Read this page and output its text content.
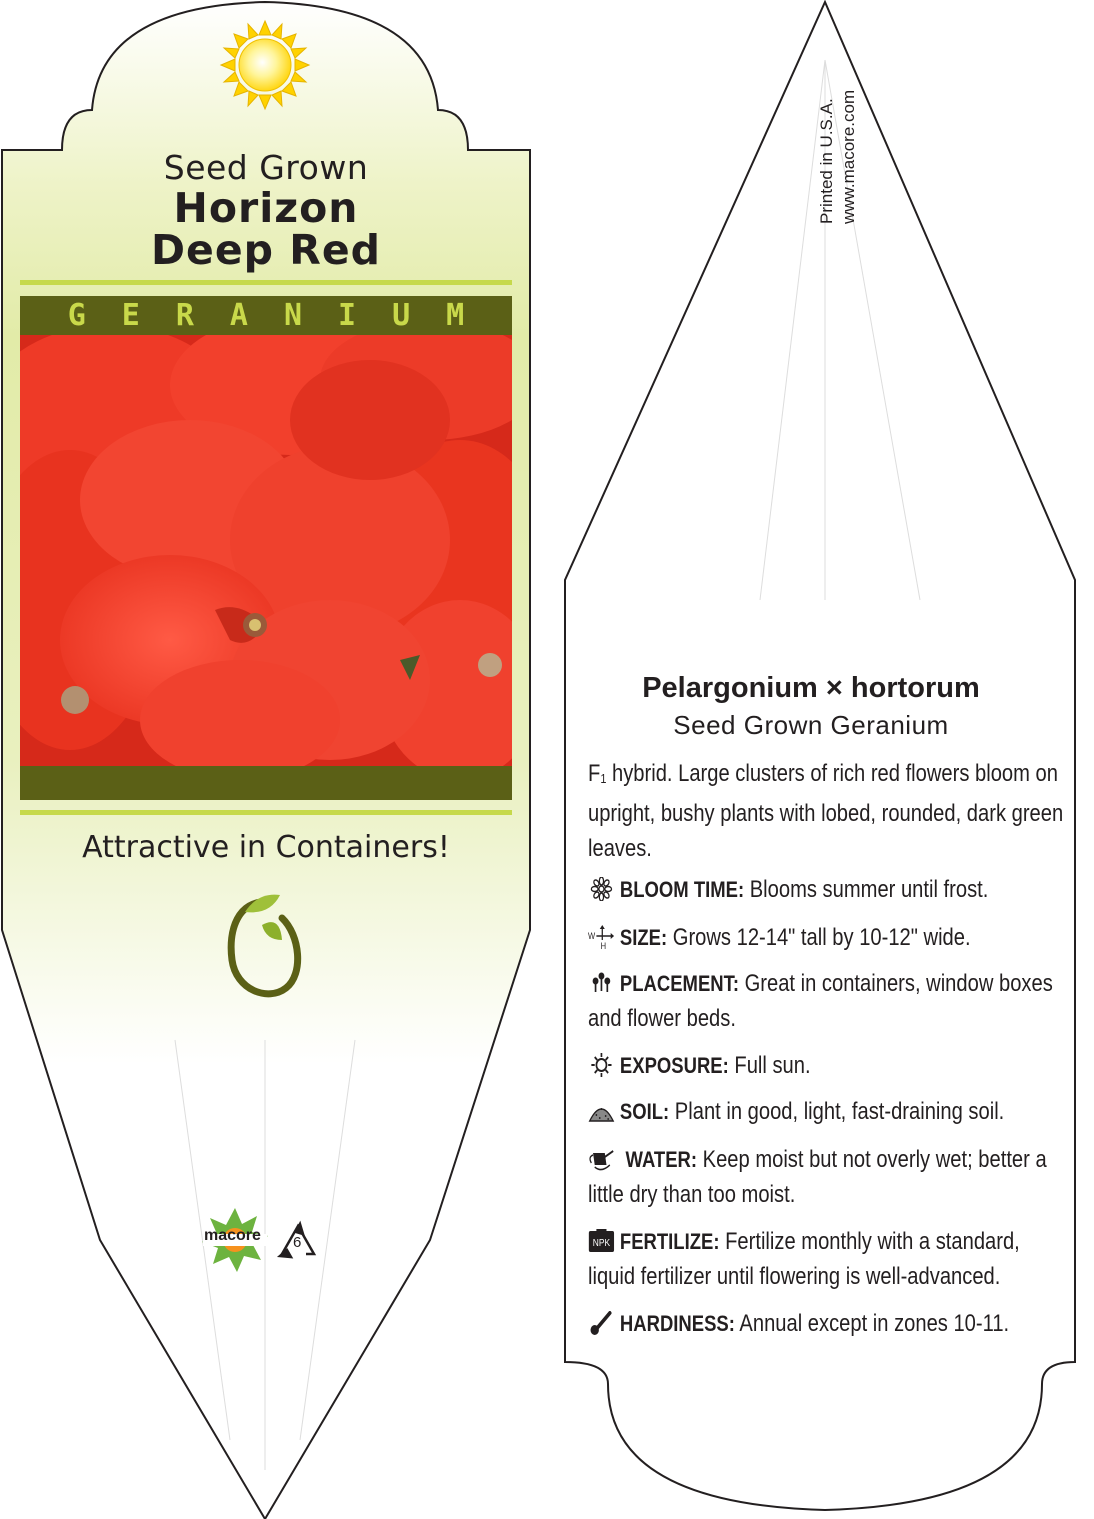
Seed Grown
Horizon
Deep Red
GERANIUM
Attractive in Containers!
macore 6
Printed in U.S.A. www.macore.com
Pelargonium × hortorum
Seed Grown Geranium
$F_1$ hybrid. Large clusters of rich red flowers bloom on upright, bushy plants with lobed, rounded, dark green leaves.
BLOOM TIME: Blooms summer until frost.
W
H SIZE: Grows 12-14" tall by 10-12" wide.
PLACEMENT: Great in containers, window boxes and flower beds.
EXPOSURE: Full sun.
SOIL: Plant in good, light, fast-draining soil.
WATER: Keep moist but not overly wet; better a little dry than too moist.
NPK FERTILIZE: Fertilize monthly with a standard, liquid fertilizer until flowering is well-advanced.
HARDINESS: Annual except in zones 10-11.
